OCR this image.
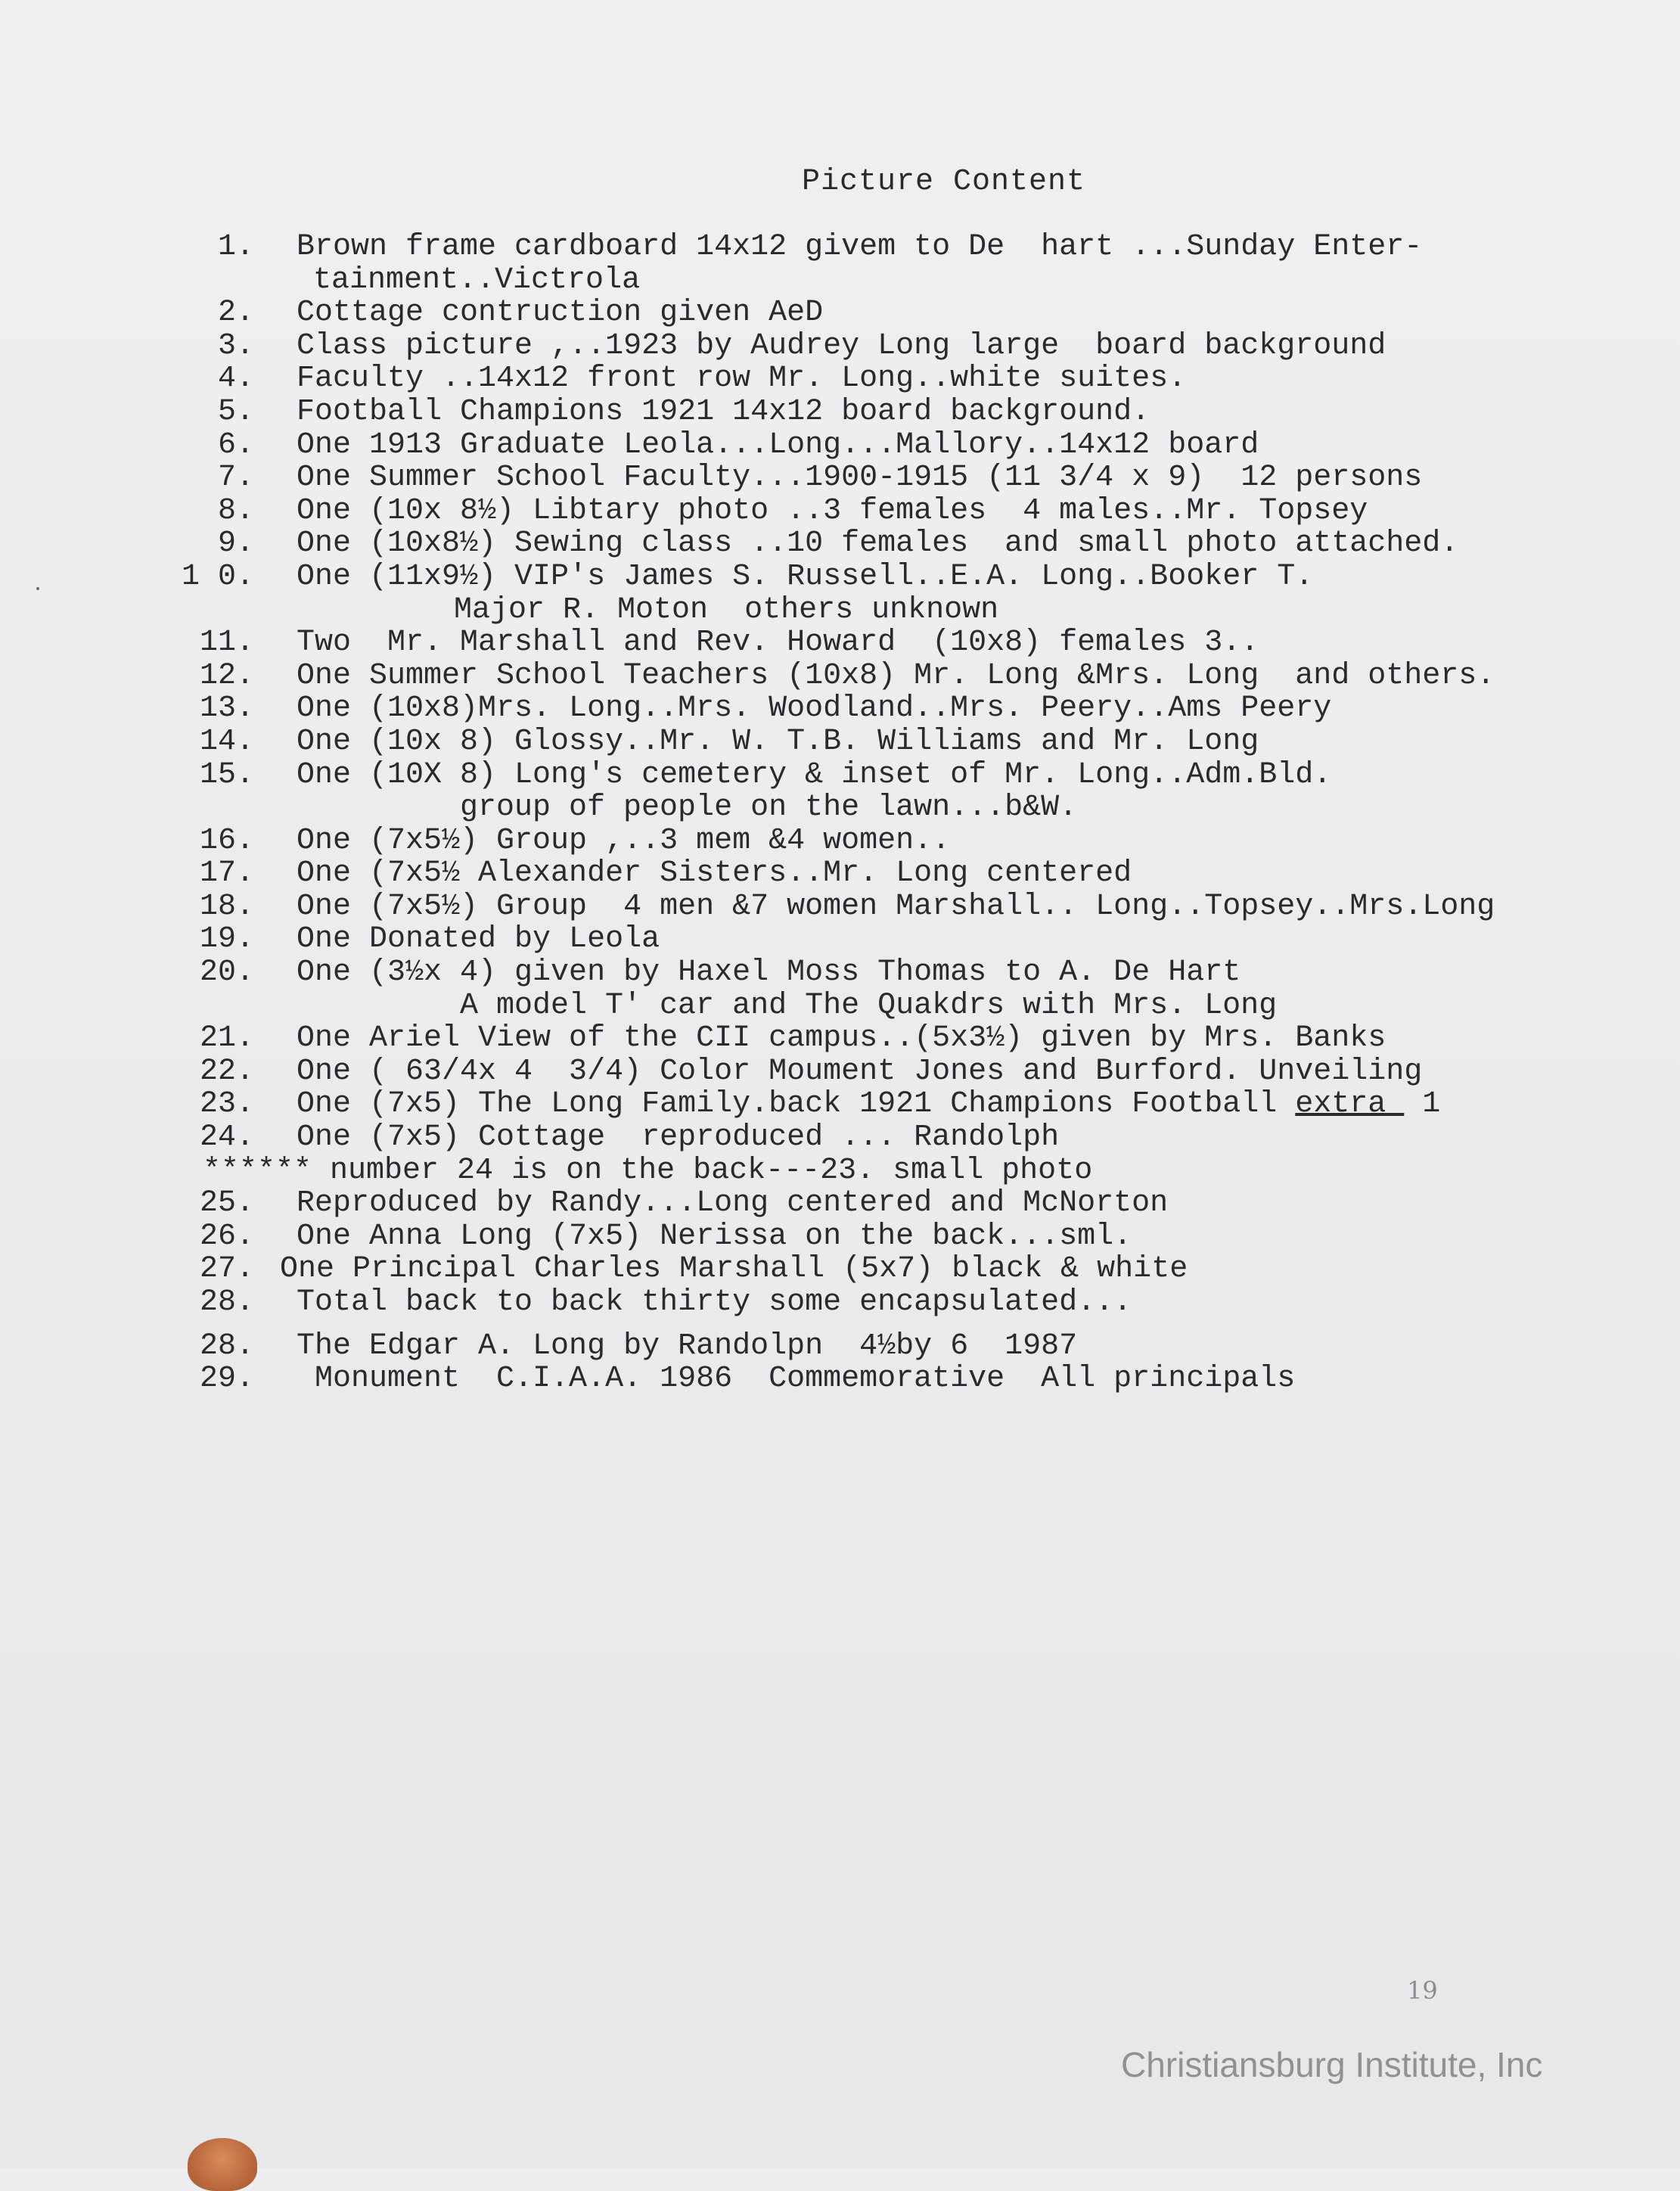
Picture Content
1. Brown frame cardboard 14x12 givem to De  hart ...Sunday Enter-
tainment..Victrola
2. Cottage contruction given AeD
3. Class picture ,..1923 by Audrey Long large  board background
4. Faculty ..14x12 front row Mr. Long..white suites.
5. Football Champions 1921 14x12 board background.
6. One 1913 Graduate Leola...Long...Mallory..14x12 board
7. One Summer School Faculty...1900-1915 (11 3/4 x 9)  12 persons
8. One (10x 8½) Libtary photo ..3 females  4 males..Mr. Topsey
9. One (10x8½) Sewing class ..10 females  and small photo attached.
1 0. One (11x9½) VIP's James S. Russell..E.A. Long..Booker T.
Major R. Moton  others unknown
11. Two  Mr. Marshall and Rev. Howard  (10x8) females 3..
12. One Summer School Teachers (10x8) Mr. Long &Mrs. Long  and others.
13. One (10x8)Mrs. Long..Mrs. Woodland..Mrs. Peery..Ams Peery
14. One (10x 8) Glossy..Mr. W. T.B. Williams and Mr. Long
15. One (10X 8) Long's cemetery & inset of Mr. Long..Adm.Bld.
group of people on the lawn...b&W.
16. One (7x5½) Group ,..3 mem &4 women..
17. One (7x5½ Alexander Sisters..Mr. Long centered
18. One (7x5½) Group  4 men &7 women Marshall.. Long..Topsey..Mrs.Long
19. One Donated by Leola
20. One (3½x 4) given by Haxel Moss Thomas to A. De Hart
A model T' car and The Quakdrs with Mrs. Long
21. One Ariel View of the CII campus..(5x3½) given by Mrs. Banks
22. One ( 63/4x 4  3/4) Color Moument Jones and Burford. Unveiling
23. One (7x5) The Long Family.back 1921 Champions Football extra  1
24. One (7x5) Cottage  reproduced ... Randolph
****** number 24 is on the back---23. small photo
25. Reproduced by Randy...Long centered and McNorton
26. One Anna Long (7x5) Nerissa on the back...sml.
27. One Principal Charles Marshall (5x7) black & white
28. Total back to back thirty some encapsulated...
28. The Edgar A. Long by Randolpn  4½by 6  1987
29. Monument  C.I.A.A. 1986  Commemorative  All principals
19
Christiansburg Institute, Inc
